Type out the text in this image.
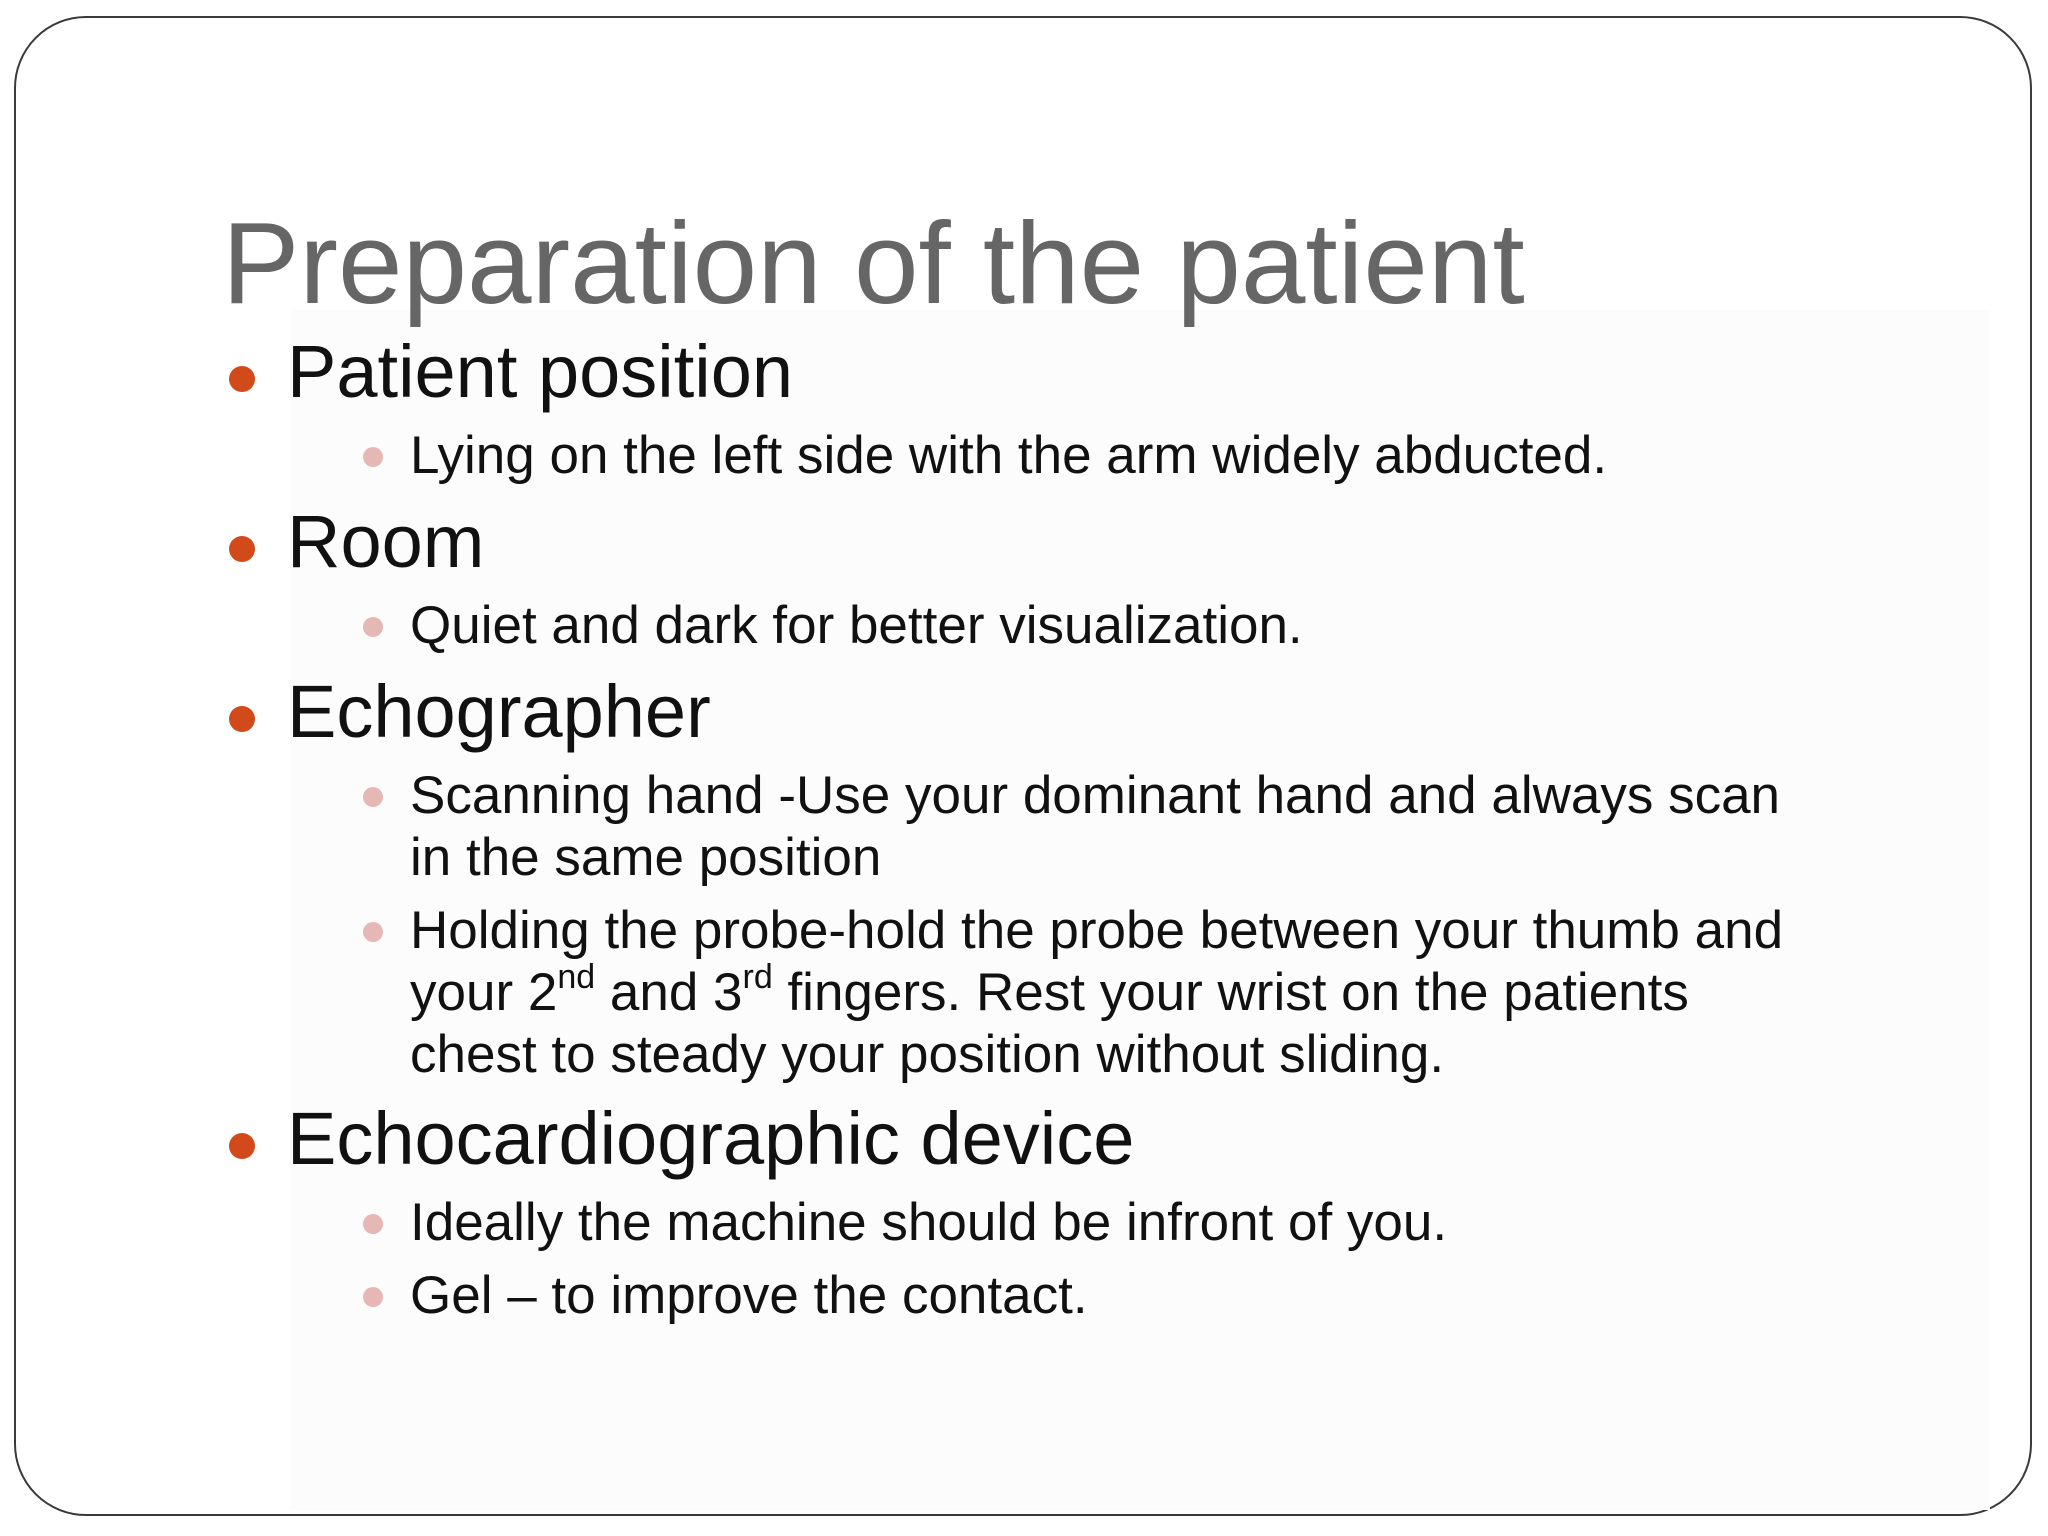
Preparation of the patient

Patient position

Lying on the left side with the arm widely abducted.

Room

Quiet and dark for better visualization.

Echographer

Scanning hand -Use your dominant hand and always scan

in the same position

Holding the probe-hold the probe between your thumb and

your 2nd and 3rd fingers. Rest your wrist on the patients

chest to steady your position without sliding.

Echocardiographic device

Ideally the machine should be infront of you.

Gel – to improve the contact.
